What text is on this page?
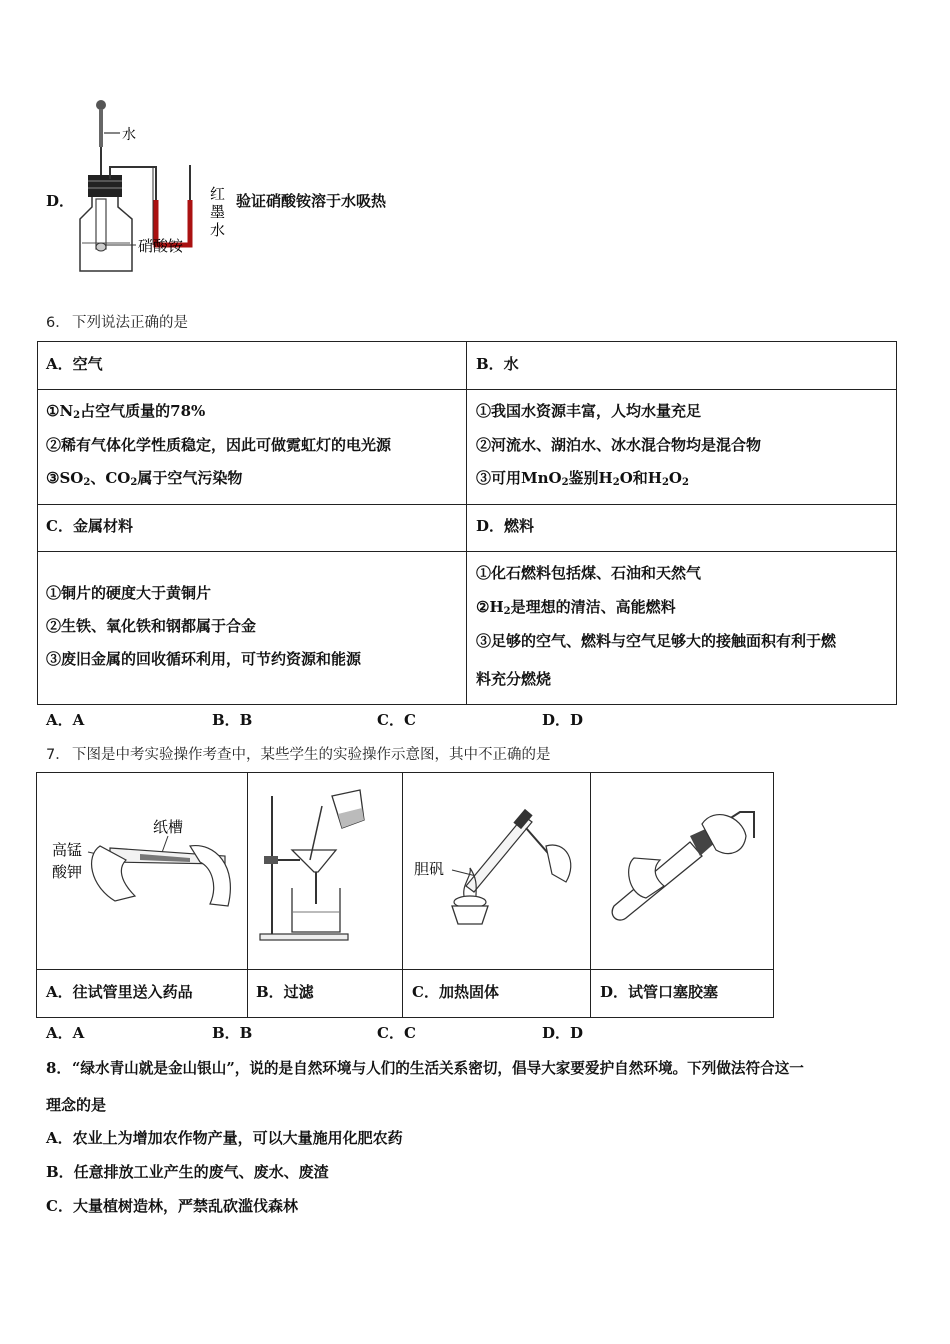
D．
水
红
墨
水
硝酸铵
验证硝酸铵溶于水吸热
6． 下列说法正确的是
A．空气	B．水
$①N_2$占空气质量的78%
②稀有气体化学性质稳定，因此可做霓虹灯的电光源
$③SO_2$、$CO_2$属于空气污染物
①我国水资源丰富，人均水量充足
②河流水、湖泊水、冰水混合物均是混合物
③可用MnO$_2$鉴别$H_2O$和$H_2O_2$
C．金属材料	D．燃料
①铜片的硬度大于黄铜片
②生铁、氧化铁和钢都属于合金
③废旧金属的回收循环利用，可节约资源和能源
①化石燃料包括煤、石油和天然气
$②H_2$是理想的清洁、高能燃料
③足够的空气、燃料与空气足够大的接触面积有利于燃
料充分燃烧
A．A	B．B	C．C	D．D
7． 下图是中考实验操作考查中，某些学生的实验操作示意图，其中不正确的是
纸槽
高锰
酸钾	胆矾
A．往试管里送入药品	B．过滤	C．加热固体	D．试管口塞胶塞
A．A	B．B	C．C	D．D
8． “绿水青山就是金山银山”，说的是自然环境与人们的生活关系密切，倡导大家要爱护自然环境。下列做法符合这一
理念的是
A．农业上为增加农作物产量，可以大量施用化肥农药
B．任意排放工业产生的废气、废水、废渣
C．大量植树造林，严禁乱砍滥伐森林
